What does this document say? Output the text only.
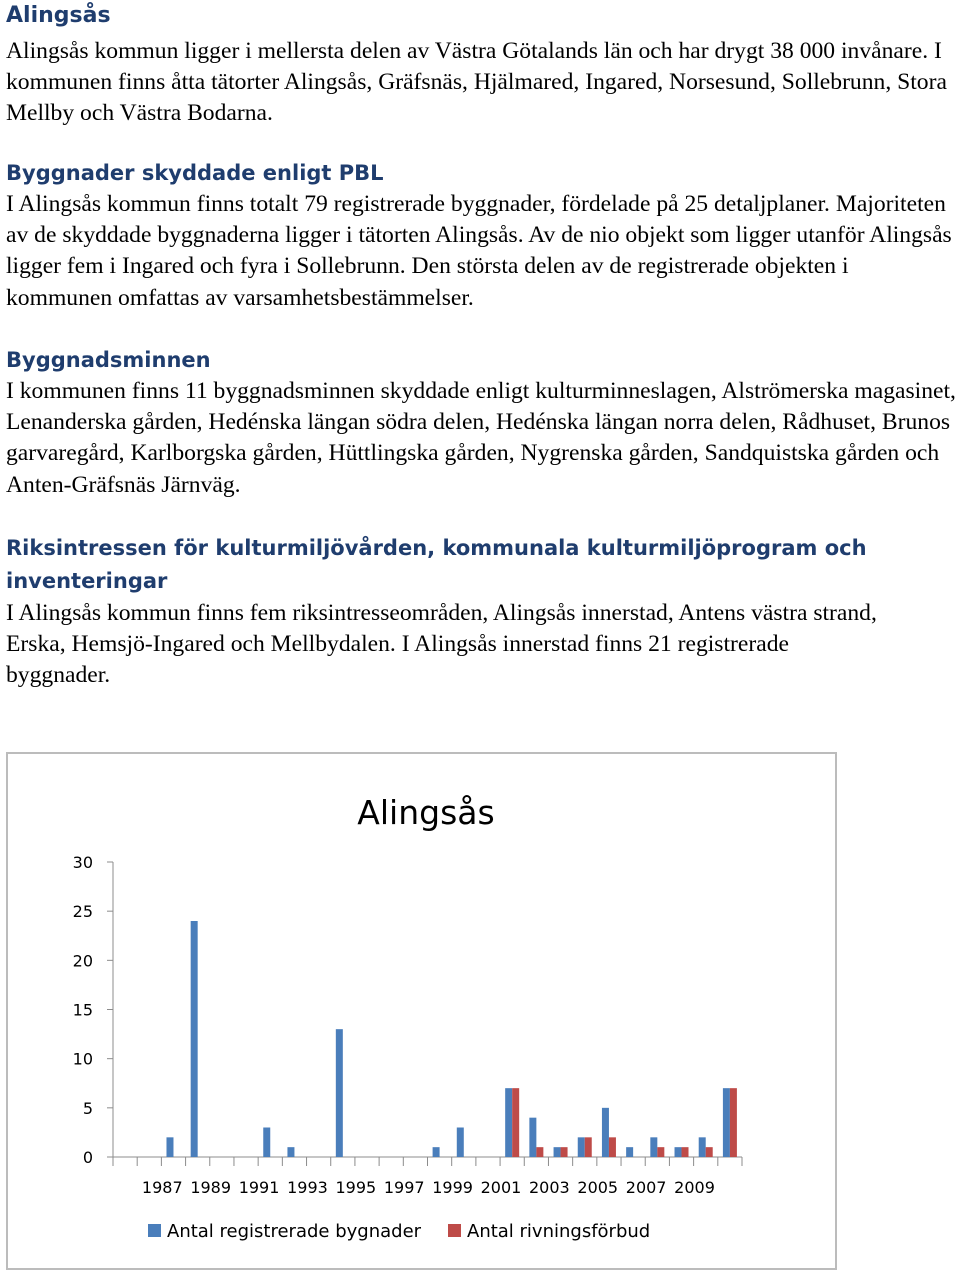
Alingsås

Alingsås kommun ligger i mellersta delen av Västra Götalands län och har drygt 38 000 invånare. I kommunen finns åtta tätorter Alingsås, Gräfsnäs, Hjälmared, Ingared, Norsesund, Sollebrunn, Stora Mellby och Västra Bodarna.

Byggnader skyddade enligt PBL

I Alingsås kommun finns totalt 79 registrerade byggnader, fördelade på 25 detaljplaner. Majoriteten av de skyddade byggnaderna ligger i tätorten Alingsås. Av de nio objekt som ligger utanför Alingsås ligger fem i Ingared och fyra i Sollebrunn. Den största delen av de registrerade objekten i kommunen omfattas av varsamhetsbestämmelser.

Byggnadsminnen

I kommunen finns 11 byggnadsminnen skyddade enligt kulturminneslagen, Alströmerska magasinet, Lenanderska gården, Hedénska längan södra delen, Hedénska längan norra delen, Rådhuset, Brunos garvaregård, Karlborgska gården, Hüttlingska gården, Nygrenska gården, Sandquistska gården och Anten-Gräfsnäs Järnväg.

Riksintressen för kulturmiljövården, kommunala kulturmiljöprogram och inventeringar

I Alingsås kommun finns fem riksintresseområden, Alingsås innerstad, Antens västra strand, Erska, Hemsjö-Ingared och Mellbydalen. I Alingsås innerstad finns 21 registrerade byggnader.

Alingsås
0
5
10
15
20
25
30
1987 1989 1991 1993 1995 1997 1999 2001 2003 2005 2007 2009
Antal registrerade bygnader	Antal rivningsförbud
